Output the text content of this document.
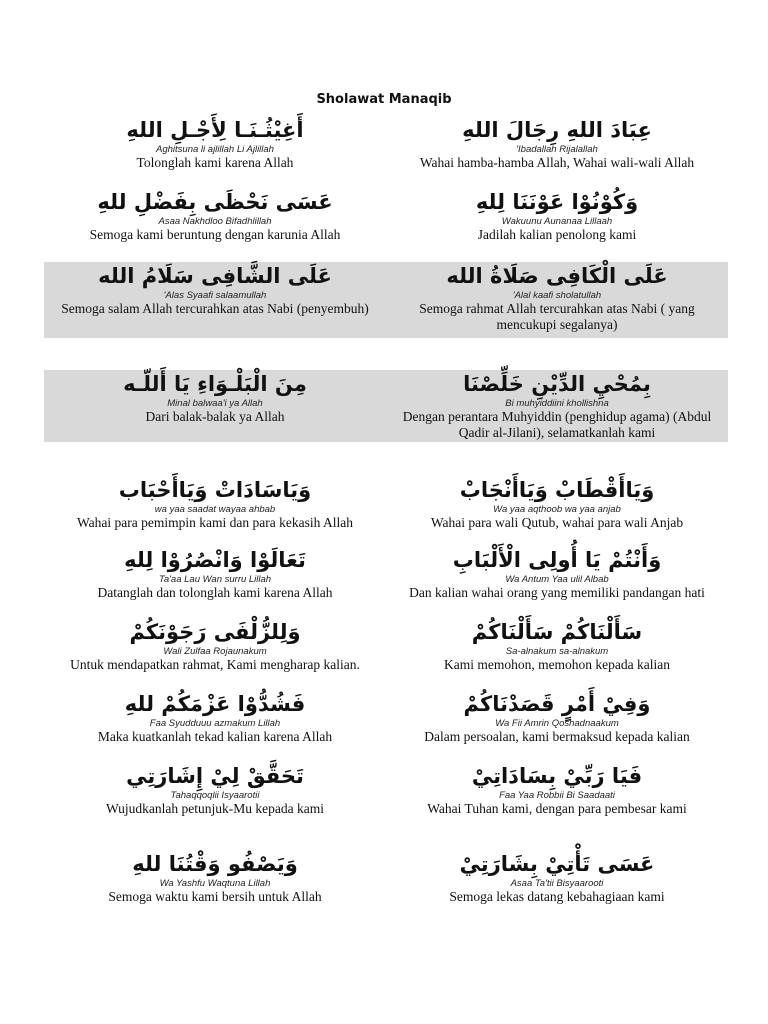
Sholawat Manaqib
أَغِيْثُـنَـا لِأَجْـلِ اللهِ
Aghitsuna li ajlillah Li Ajlillah
Tolonglah kami karena Allah
عِبَادَ اللهِ رِجَالَ اللهِ
'Ibadallah Rijalallah
Wahai hamba-hamba Allah, Wahai wali-wali Allah
عَسَى نَحْظَى بِفَضْلِ للهِ
Asaa Nakhdloo Bifadhlillah
Semoga kami beruntung dengan karunia Allah
وَكُوْنُوْا عَوْنَنَا لِلهِ
Wakuunu Aunanaa Lillaah
Jadilah kalian penolong kami
عَلَى الشَّافِى سَلَامُ الله
'Alas Syaafi salaamullah
Semoga salam Allah tercurahkan atas Nabi (penyembuh)
عَلَى الْكَافِى صَلَاةُ الله
'Alal kaafi sholatullah
Semoga rahmat Allah tercurahkan atas Nabi ( yang mencukupi segalanya)
مِنَ الْبَلْـوَاءِ يَا أَللّـه
Minal balwaa'i ya Allah
Dari balak-balak ya Allah
بِمُحْيِ الدِّيْنِ خَلِّصْنَا
Bi muhyiddiini khollishna
Dengan perantara Muhyiddin (penghidup agama) (Abdul Qadir al-Jilani), selamatkanlah kami
وَيَاسَادَاتْ وَيَاأَحْبَاب
wa yaa saadat wayaa ahbab
Wahai para pemimpin kami dan para kekasih Allah
وَيَاأَقْطَابْ وَيَاأَنْجَابْ
Wa yaa aqthoob wa yaa anjab
Wahai para wali Qutub, wahai para wali Anjab
تَعَالَوْا وَانْصُرُوْا لِلهِ
Ta'aa Lau Wan surru Lillah
Datanglah dan tolonglah kami karena Allah
وَأَنْتُمْ يَا أُولِى الْأَلْبَابِ
Wa Antum Yaa ulil Albab
Dan kalian wahai orang yang memiliki pandangan hati
وَلِلزُّلْفَى رَجَوْنَكُمْ
Wali Zulfaa Rojaunakum
Untuk mendapatkan rahmat, Kami mengharap kalian.
سَأَلْنَاكُمْ سَأَلْنَاكُمْ
Sa-alnakum sa-alnakum
Kami memohon, memohon kepada kalian
فَشُدُّوْا عَزْمَكُمْ للهِ
Faa Syudduuu azmakum Lillah
Maka kuatkanlah tekad kalian karena Allah
وَفِيْ أَمْرٍ قَصَدْنَاكُمْ
Wa Fii Amrin Qoshadnaakum
Dalam persoalan, kami bermaksud kepada kalian
تَحَقَّقْ لِيْ إِشَارَتِي
Tahaqqoqlii Isyaarotii
Wujudkanlah petunjuk-Mu kepada kami
فَيَا رَبِّيْ بِسَادَاتِيْ
Faa Yaa Robbii Bi Saadaati
Wahai Tuhan kami, dengan para pembesar kami
وَيَصْفُو وَقْتُنَا للهِ
Wa Yashfu Waqtuna Lillah
Semoga waktu kami bersih untuk Allah
عَسَى تَأْتِيْ بِشَارَتِيْ
Asaa Ta'tii Bisyaarooti
Semoga lekas datang kebahagiaan kami
